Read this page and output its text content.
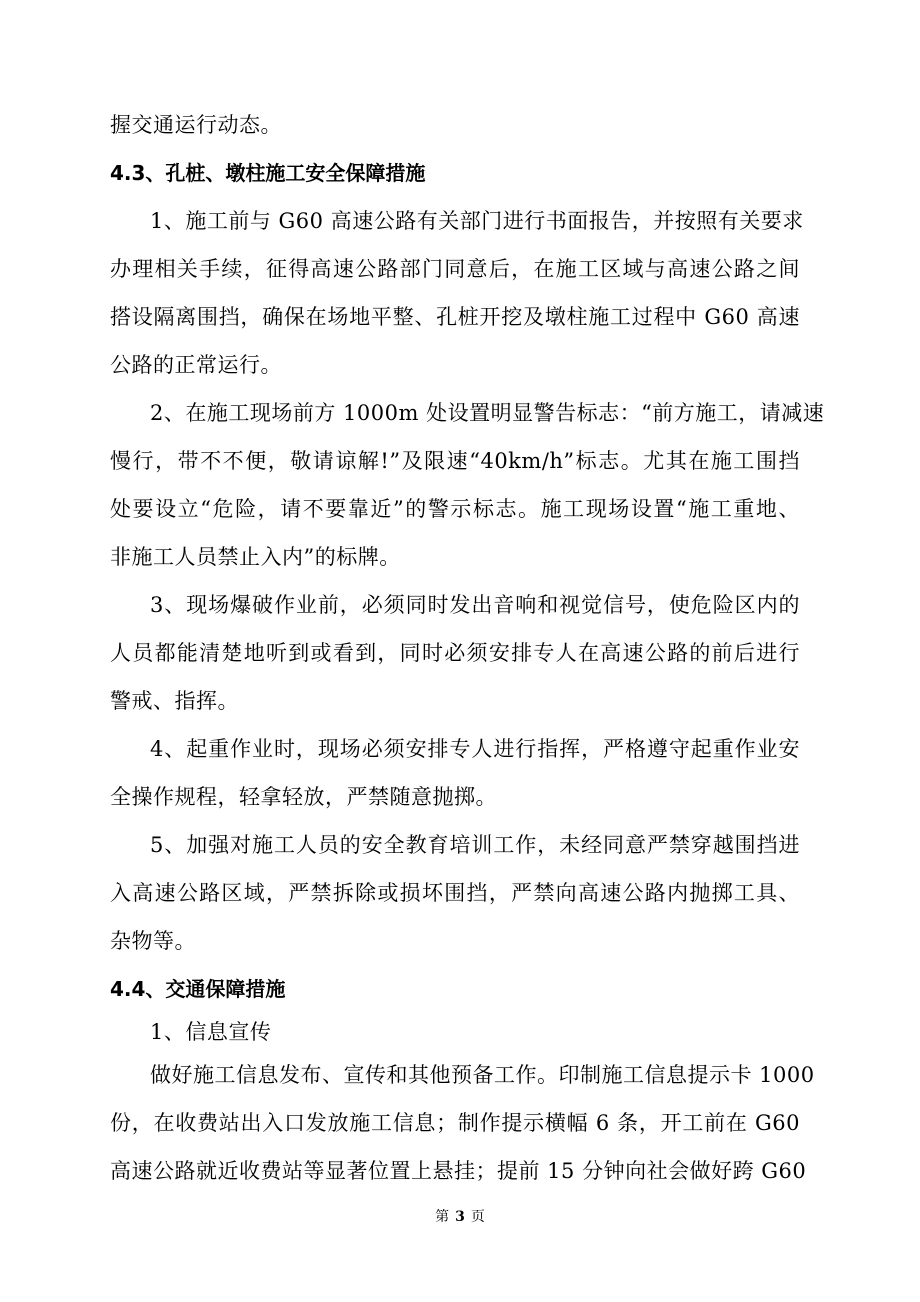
握交通运行动态。
4.3、孔桩、墩柱施工安全保障措施
1、施工前与 G60 高速公路有关部门进行书面报告，并按照有关要求
办理相关手续，征得高速公路部门同意后，在施工区域与高速公路之间
搭设隔离围挡，确保在场地平整、孔桩开挖及墩柱施工过程中 G60 高速
公路的正常运行。
2、在施工现场前方 1000m 处设置明显警告标志：“前方施工，请减速
慢行，带不不便，敬请谅解!”及限速“40km/h”标志。尤其在施工围挡
处要设立“危险，请不要靠近”的警示标志。施工现场设置“施工重地、
非施工人员禁止入内”的标牌。
3、现场爆破作业前，必须同时发出音响和视觉信号，使危险区内的
人员都能清楚地听到或看到，同时必须安排专人在高速公路的前后进行
警戒、指挥。
4、起重作业时，现场必须安排专人进行指挥，严格遵守起重作业安
全操作规程，轻拿轻放，严禁随意抛掷。
5、加强对施工人员的安全教育培训工作，未经同意严禁穿越围挡进
入高速公路区域，严禁拆除或损坏围挡，严禁向高速公路内抛掷工具、
杂物等。
4.4、交通保障措施
1、信息宣传
做好施工信息发布、宣传和其他预备工作。印制施工信息提示卡 1000
份，在收费站出入口发放施工信息；制作提示横幅 6 条，开工前在 G60
高速公路就近收费站等显著位置上悬挂；提前 15 分钟向社会做好跨 G60
第 3 页
